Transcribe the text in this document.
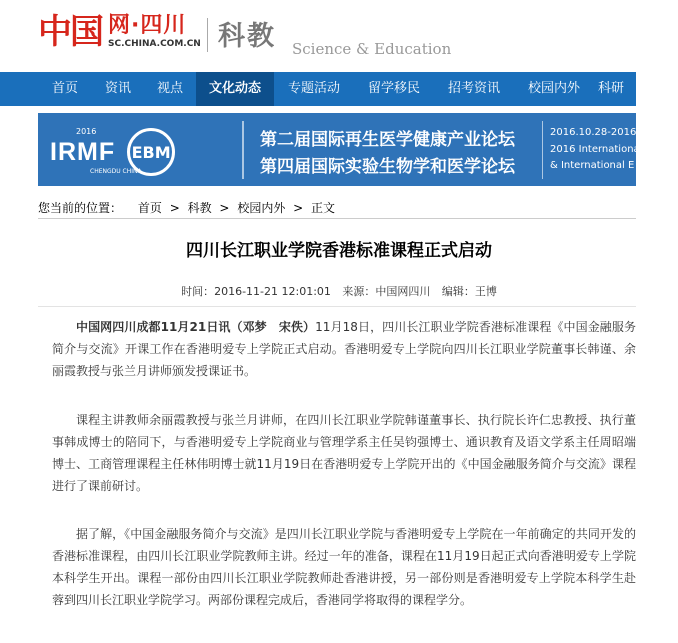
中国 网·四川
SC.CHINA.COM.CN 科教 Science & Education
首页	资讯	视点	文化动态	专题活动	留学移民	招考资讯	校园内外	科研
IRMF EBM
2016
CHENGDU CHINA
第二届国际再生医学健康产业论坛
第四届国际实验生物学和医学论坛
2016.10.28-2016.10
2016 International
& International E
您当前的位置： 首页 > 科教 > 校园内外 > 正文
四川长江职业学院香港标准课程正式启动
时间：2016-11-21 12:01:01 来源：中国网四川 编辑：王博

中国网四川成都11月21日讯（邓梦　宋佚）11月18日，四川长江职业学院香港标准课程《中国金融服务简介与交流》开课工作在香港明爱专上学院正式启动。香港明爱专上学院向四川长江职业学院董事长韩谨、余丽霞教授与张兰月讲师颁发授课证书。

课程主讲教师余丽霞教授与张兰月讲师，在四川长江职业学院韩谨董事长、执行院长许仁忠教授、执行董事韩成博士的陪同下，与香港明爱专上学院商业与管理学系主任吴钧强博士、通识教育及语文学系主任周昭端博士、工商管理课程主任林伟明博士就11月19日在香港明爱专上学院开出的《中国金融服务简介与交流》课程进行了课前研讨。

据了解，《中国金融服务简介与交流》是四川长江职业学院与香港明爱专上学院在一年前确定的共同开发的香港标准课程，由四川长江职业学院教师主讲。经过一年的准备，课程在11月19日起正式向香港明爱专上学院本科学生开出。课程一部份由四川长江职业学院教师赴香港讲授，另一部份则是香港明爱专上学院本科学生赴蓉到四川长江职业学院学习。两部份课程完成后，香港同学将取得的课程学分。
